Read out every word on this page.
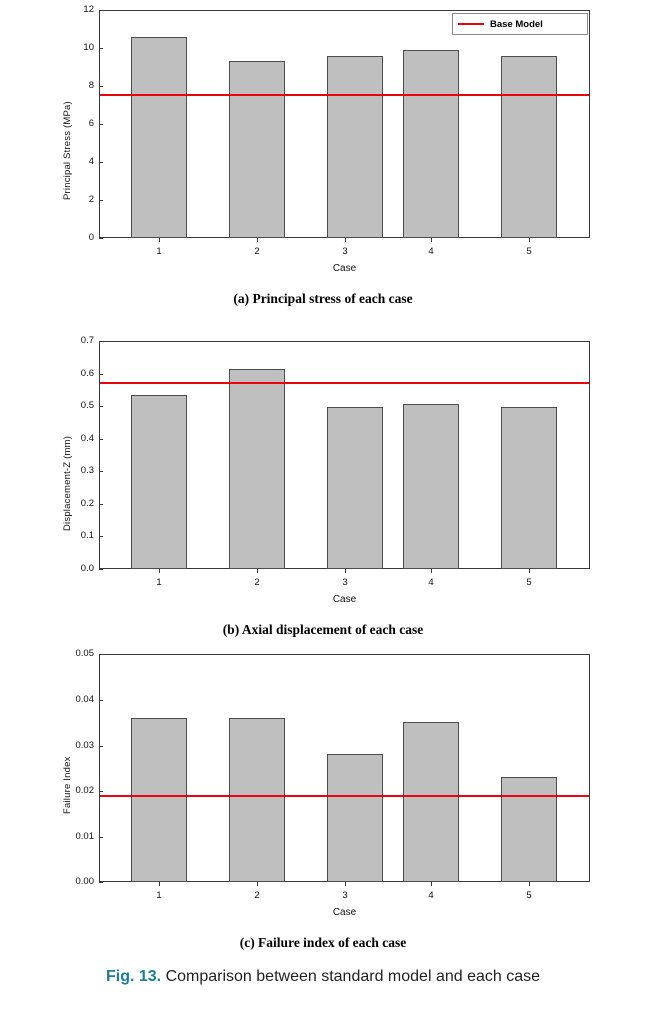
Principal Stress (MPa)
12
10
8
6
4
2
0
1	2	3	4	5
Case
Base Model
(a) Principal stress of each case
Displacement-Z (mm)
0.7
0.6
0.5
0.4
0.3
0.2
0.1
0.0
1	2	3	4	5
Case
(b) Axial displacement of each case
Failure Index
0.05
0.04
0.03
0.02
0.01
0.00
1	2	3	4	5
Case
(c) Failure index of each case
Fig. 13. Comparison between standard model and each case
